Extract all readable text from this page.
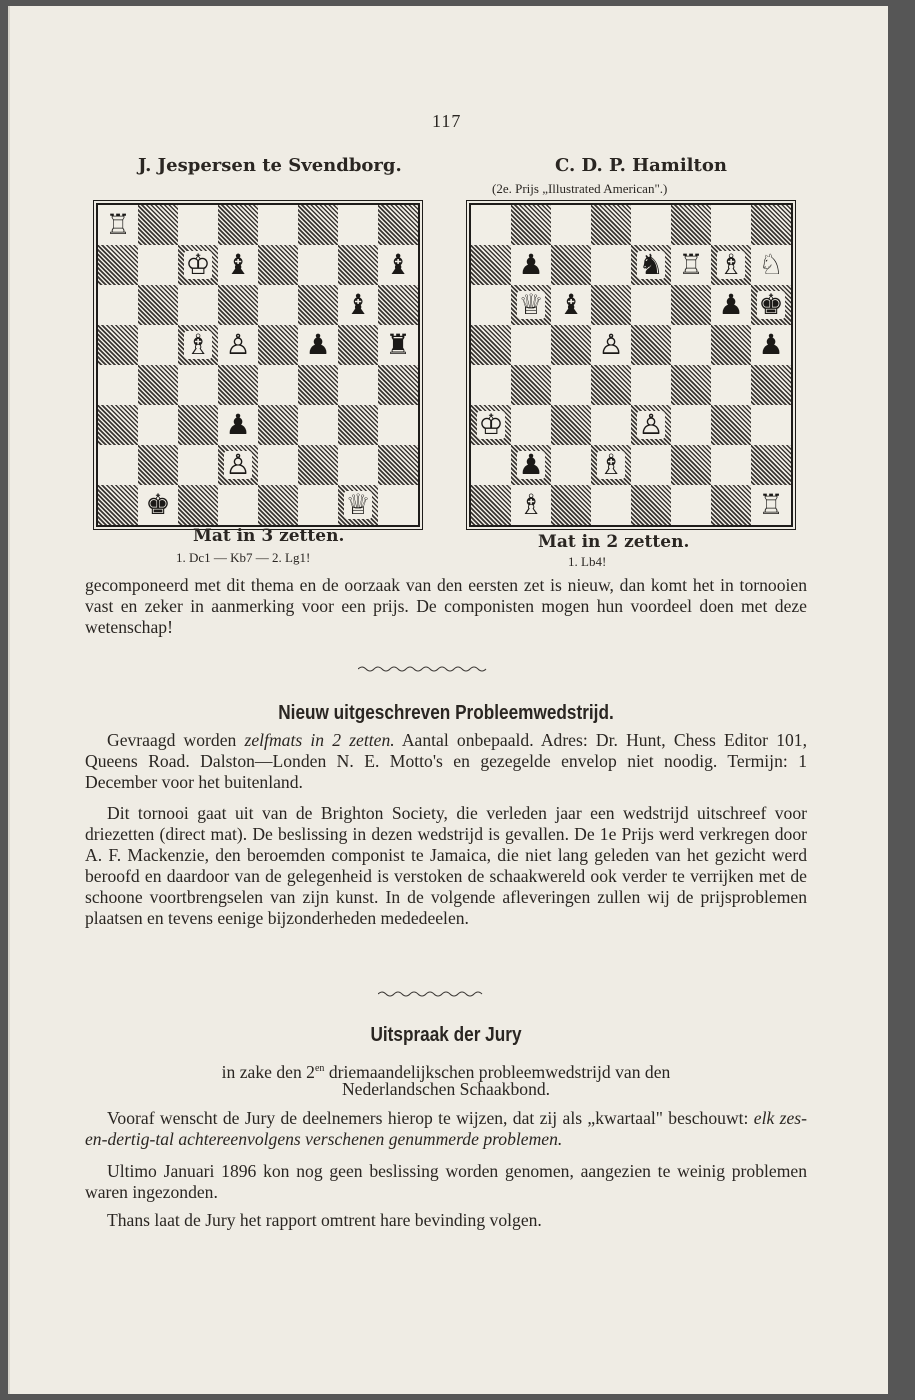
117
J. Jespersen te Svendborg.	C. D. P. Hamilton
(2e. Prijs „Illustrated American".)
♖
♔ ♝	♝
♝
♗ ♙ ♟ ♜
♟
♙
♚	♕
♟	♞ ♖ ♗ ♘
♕ ♝	♟ ♚
♙	♟
♔	♙
♟ ♗
♗	♖
Mat in 3 zetten.
1. Dc1 — Kb7 — 2. Lg1!
Mat in 2 zetten.
1. Lb4!

gecomponeerd met dit thema en de oorzaak van den eersten zet is nieuw, dan komt het in tornooien vast en zeker in aanmerking voor een prijs. De componisten mogen hun voordeel doen met deze wetenschap!

Nieuw uitgeschreven Probleemwedstrijd.

Gevraagd worden zelfmats in 2 zetten. Aantal onbepaald. Adres: Dr. Hunt, Chess Editor 101, Queens Road. Dalston—Londen N. E. Motto's en gezegelde envelop niet noodig. Termijn: 1 December voor het buitenland.

Dit tornooi gaat uit van de Brighton Society, die verleden jaar een wedstrijd uitschreef voor driezetten (direct mat). De beslissing in dezen wedstrijd is gevallen. De 1e Prijs werd verkregen door A. F. Mackenzie, den beroemden componist te Jamaica, die niet lang geleden van het gezicht werd beroofd en daardoor van de gelegenheid is verstoken de schaakwereld ook verder te verrijken met de schoone voortbrengselen van zijn kunst. In de volgende afleveringen zullen wij de prijsproblemen plaatsen en tevens eenige bijzonderheden mededeelen.

Uitspraak der Jury
in zake den $2^{en}$ driemaandelijkschen probleemwedstrijd van den
Nederlandschen Schaakbond.

Vooraf wenscht de Jury de deelnemers hierop te wijzen, dat zij als „kwartaal" beschouwt: elk zes-en-dertig-tal achtereenvolgens verschenen genummerde problemen.

Ultimo Januari 1896 kon nog geen beslissing worden genomen, aangezien te weinig problemen waren ingezonden.

Thans laat de Jury het rapport omtrent hare bevinding volgen.
